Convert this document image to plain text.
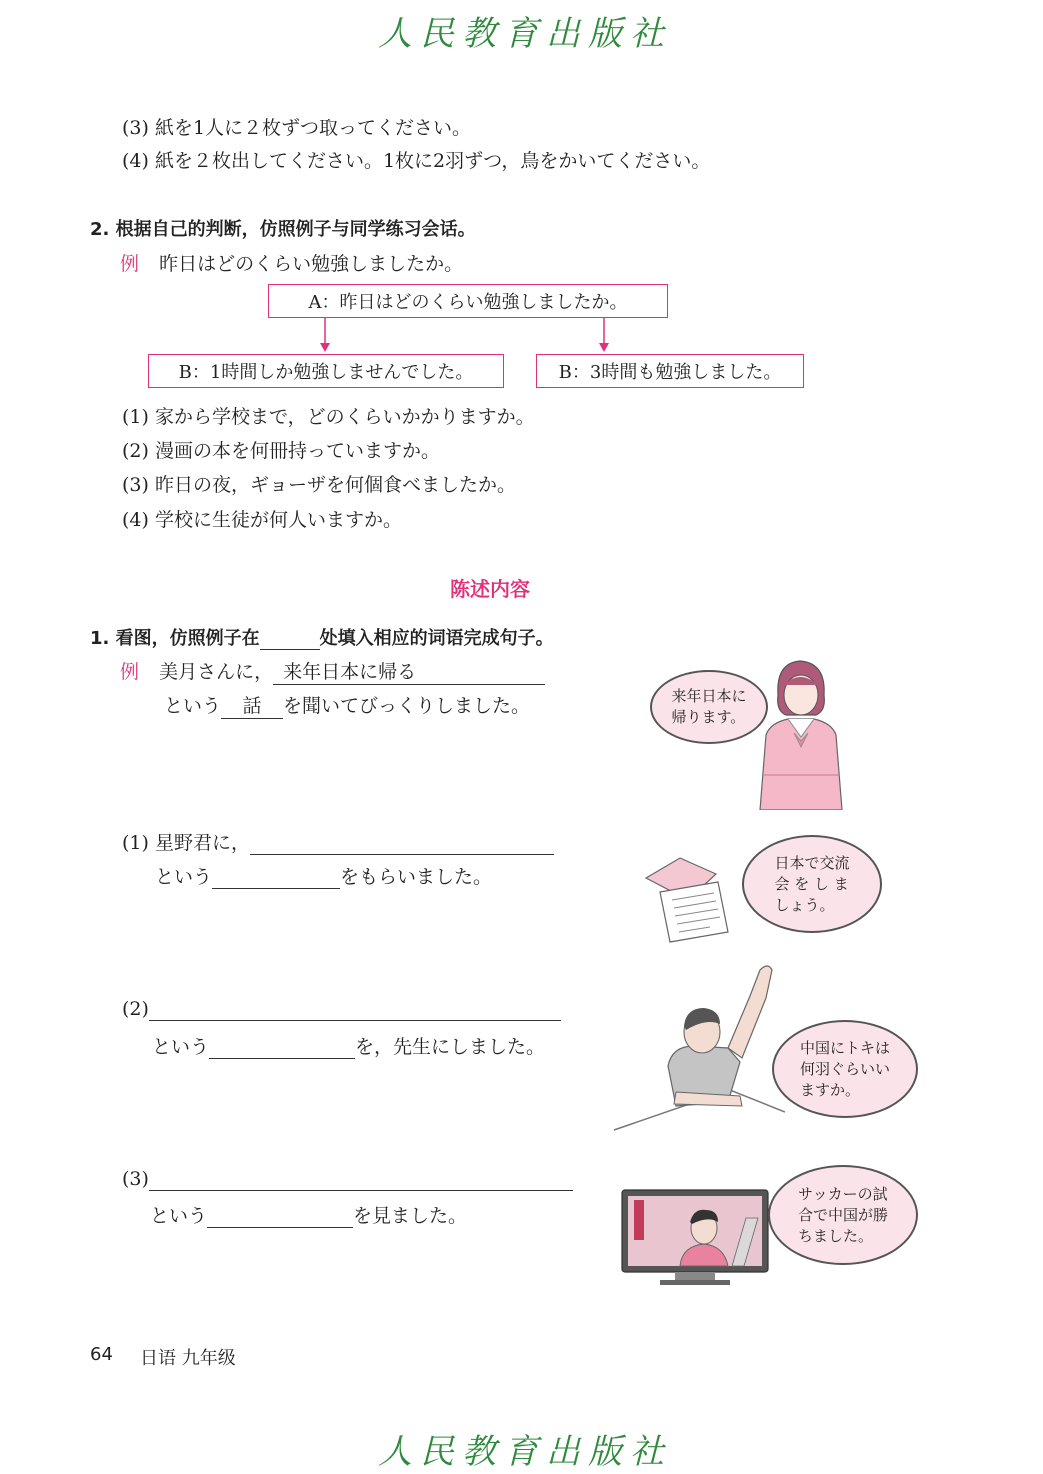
人民教育出版社
(3) 紙を1人に２枚ずつ取ってください。
(4) 紙を２枚出してください。1枚に2羽ずつ，鳥をかいてください。
2. 根据自己的判断，仿照例子与同学练习会话。
例 昨日はどのくらい勉強しましたか。
A：昨日はどのくらい勉強しましたか。
B：1時間しか勉強しませんでした。	B：3時間も勉強しました。
(1) 家から学校まで，どのくらいかかりますか。
(2) 漫画の本を何冊持っていますか。
(3) 昨日の夜，ギョーザを何個食べましたか。
(4) 学校に生徒が何人いますか。
陈述内容
1. 看图，仿照例子在	处填入相应的词语完成句子。
例 美月さんに， 来年日本に帰る
という 話 を聞いてびっくりしました。
(1) 星野君に，
という	をもらいました。
(2)
という	を，先生にしました。
(3)
という	を見ました。
来年日本に
帰ります。
日本で交流
会 を し ま
しょう。
中国にトキは
何羽ぐらいい
ますか。
サッカーの試
合で中国が勝
ちました。
64 日语 九年级
人民教育出版社
